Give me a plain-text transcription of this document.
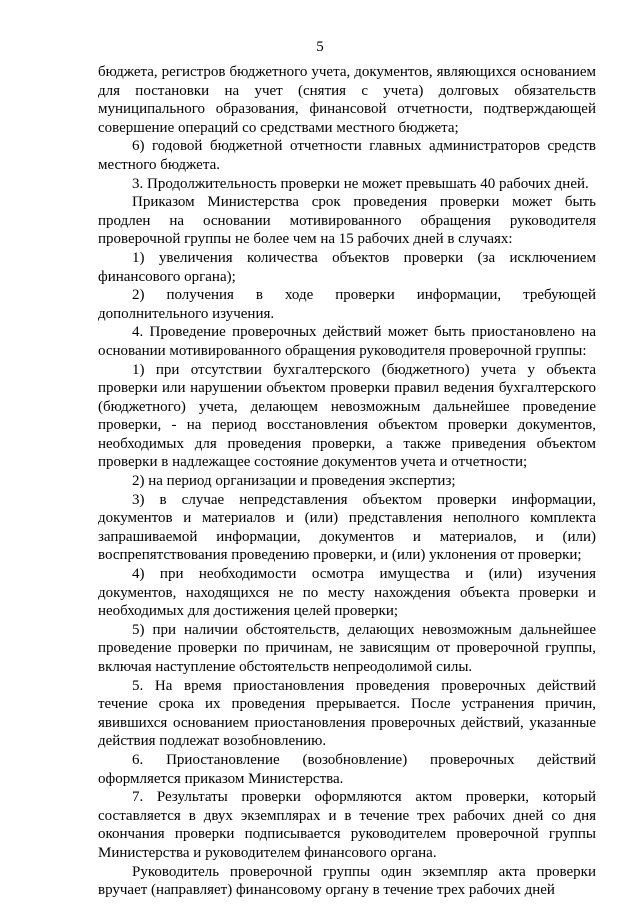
5

бюджета, регистров бюджетного учета, документов, являющихся основанием для постановки на учет (снятия с учета) долговых обязательств муниципального образования, финансовой отчетности, подтверждающей совершение операций со средствами местного бюджета;

6) годовой бюджетной отчетности главных администраторов средств местного бюджета.

3. Продолжительность проверки не может превышать 40 рабочих дней.

Приказом Министерства срок проведения проверки может быть продлен на основании мотивированного обращения руководителя проверочной группы не более чем на 15 рабочих дней в случаях:

1) увеличения количества объектов проверки (за исключением финансового органа);

2) получения в ходе проверки информации, требующей дополнительного изучения.

4. Проведение проверочных действий может быть приостановлено на основании мотивированного обращения руководителя проверочной группы:

1) при отсутствии бухгалтерского (бюджетного) учета у объекта проверки или нарушении объектом проверки правил ведения бухгалтерского (бюджетного) учета, делающем невозможным дальнейшее проведение проверки, - на период восстановления объектом проверки документов, необходимых для проведения проверки, а также приведения объектом проверки в надлежащее состояние документов учета и отчетности;

2) на период организации и проведения экспертиз;

3) в случае непредставления объектом проверки информации, документов и материалов и (или) представления неполного комплекта запрашиваемой информации, документов и материалов, и (или) воспрепятствования проведению проверки, и (или) уклонения от проверки;

4) при необходимости осмотра имущества и (или) изучения документов, находящихся не по месту нахождения объекта проверки и необходимых для достижения целей проверки;

5) при наличии обстоятельств, делающих невозможным дальнейшее проведение проверки по причинам, не зависящим от проверочной группы, включая наступление обстоятельств непреодолимой силы.

5. На время приостановления проведения проверочных действий течение срока их проведения прерывается. После устранения причин, явившихся основанием приостановления проверочных действий, указанные действия подлежат возобновлению.

6. Приостановление (возобновление) проверочных действий оформляется приказом Министерства.

7. Результаты проверки оформляются актом проверки, который составляется в двух экземплярах и в течение трех рабочих дней со дня окончания проверки подписывается руководителем проверочной группы Министерства и руководителем финансового органа.

Руководитель проверочной группы один экземпляр акта проверки вручает (направляет) финансовому органу в течение трех рабочих дней
